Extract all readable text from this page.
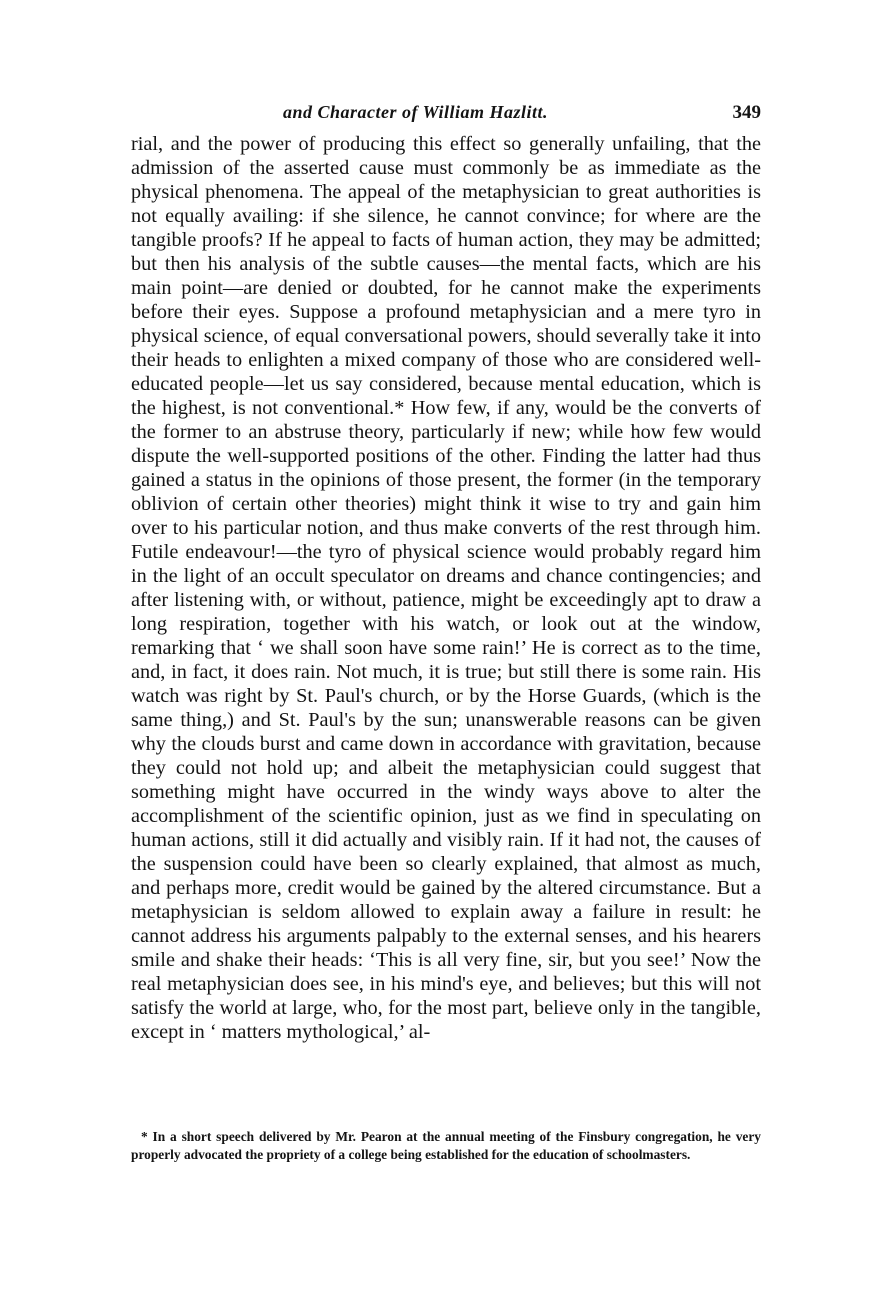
and Character of William Hazlitt.	349

rial, and the power of producing this effect so generally unfailing, that the admission of the asserted cause must commonly be as immediate as the physical phenomena. The appeal of the metaphysician to great authorities is not equally availing: if she silence, he cannot convince; for where are the tangible proofs? If he appeal to facts of human action, they may be admitted; but then his analysis of the subtle causes—the mental facts, which are his main point—are denied or doubted, for he cannot make the experiments before their eyes. Suppose a profound metaphysician and a mere tyro in physical science, of equal conversational powers, should severally take it into their heads to enlighten a mixed company of those who are considered well-educated people—let us say considered, because mental education, which is the highest, is not conventional.* How few, if any, would be the converts of the former to an abstruse theory, particularly if new; while how few would dispute the well-supported positions of the other. Finding the latter had thus gained a status in the opinions of those present, the former (in the temporary oblivion of certain other theories) might think it wise to try and gain him over to his particular notion, and thus make converts of the rest through him. Futile endeavour!—the tyro of physical science would probably regard him in the light of an occult speculator on dreams and chance contingencies; and after listening with, or without, patience, might be exceedingly apt to draw a long respiration, together with his watch, or look out at the window, remarking that ‘ we shall soon have some rain!’ He is correct as to the time, and, in fact, it does rain. Not much, it is true; but still there is some rain. His watch was right by St. Paul's church, or by the Horse Guards, (which is the same thing,) and St. Paul's by the sun; unanswerable reasons can be given why the clouds burst and came down in accordance with gravitation, because they could not hold up; and albeit the metaphysician could suggest that something might have occurred in the windy ways above to alter the accomplishment of the scientific opinion, just as we find in speculating on human actions, still it did actually and visibly rain. If it had not, the causes of the suspension could have been so clearly explained, that almost as much, and perhaps more, credit would be gained by the altered circumstance. But a metaphysician is seldom allowed to explain away a failure in result: he cannot address his arguments palpably to the external senses, and his hearers smile and shake their heads: ‘This is all very fine, sir, but you see!’ Now the real metaphysician does see, in his mind's eye, and believes; but this will not satisfy the world at large, who, for the most part, believe only in the tangible, except in ‘ matters mythological,’ al-

* In a short speech delivered by Mr. Pearon at the annual meeting of the Finsbury congregation, he very properly advocated the propriety of a college being established for the education of schoolmasters.
